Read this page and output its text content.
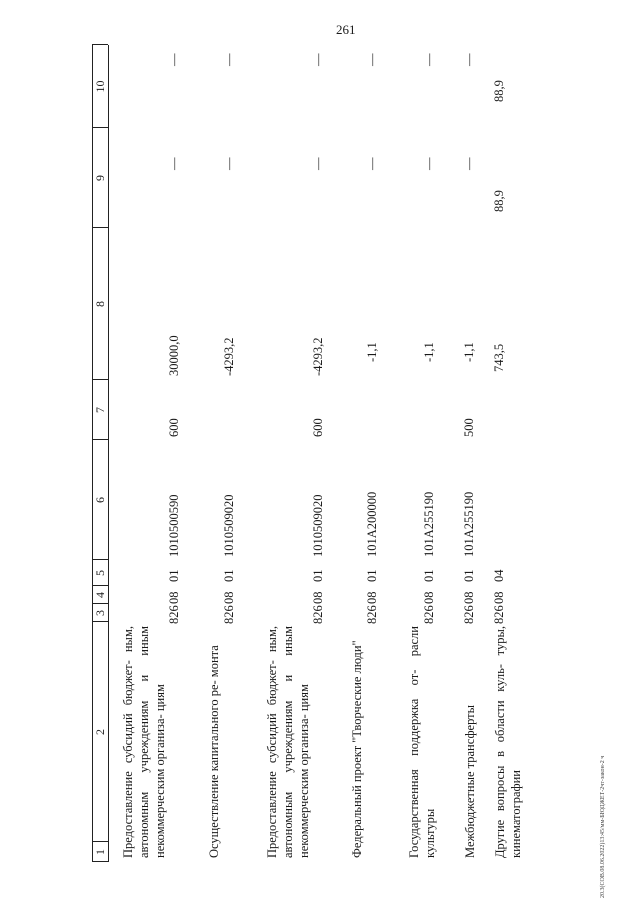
261
20.3(СОВ.08.06.2022)13:45/мм-БЮДЖЕТ-2чт-закон-2 ч
1
2
3
4
5
6
7
8
9
10
Предоставление субсидий бюджет- ным, автономным учреждениям и иным некоммерческим организа- циям
826
08
01
1010500590
600
30000,0
—
—
Осуществление капитального ре- монта
826
08
01
1010509020
-4293,2
—
—
Предоставление субсидий бюджет- ным, автономным учреждениям и иным некоммерческим организа- циям
826
08
01
1010509020
600
-4293,2
—
—
Федеральный проект "Творческие люди"
826
08
01
101A200000
-1,1
—
—
Государственная поддержка от- расли культуры
826
08
01
101A255190
-1,1
—
—
Межбюджетные трансферты
826
08
01
101A255190
500
-1,1
—
—
Другие вопросы в области куль- туры, кинематографии
826
08
04
743,5
88,9
88,9
